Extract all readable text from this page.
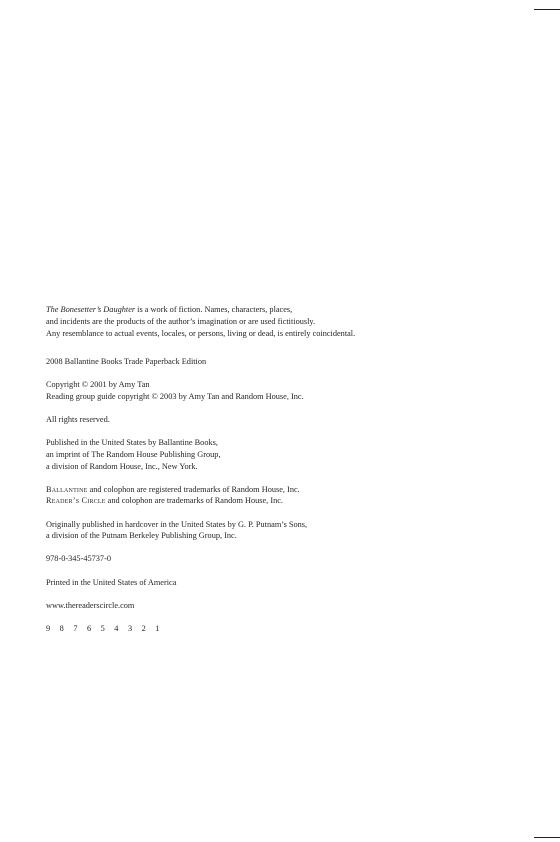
The Bonesetter’s Daughter is a work of fiction. Names, characters, places,
and incidents are the products of the author’s imagination or are used fictitiously.
Any resemblance to actual events, locales, or persons, living or dead, is entirely coincidental.

2008 Ballantine Books Trade Paperback Edition

Copyright © 2001 by Amy Tan
Reading group guide copyright © 2003 by Amy Tan and Random House, Inc.

All rights reserved.

Published in the United States by Ballantine Books,
an imprint of The Random House Publishing Group,
a division of Random House, Inc., New York.

Ballantine and colophon are registered trademarks of Random House, Inc.
Reader’s Circle and colophon are trademarks of Random House, Inc.

Originally published in hardcover in the United States by G. P. Putnam’s Sons,
a division of the Putnam Berkeley Publishing Group, Inc.

978-0-345-45737-0

Printed in the United States of America

www.thereaderscircle.com

9 8 7 6 5 4 3 2 1
